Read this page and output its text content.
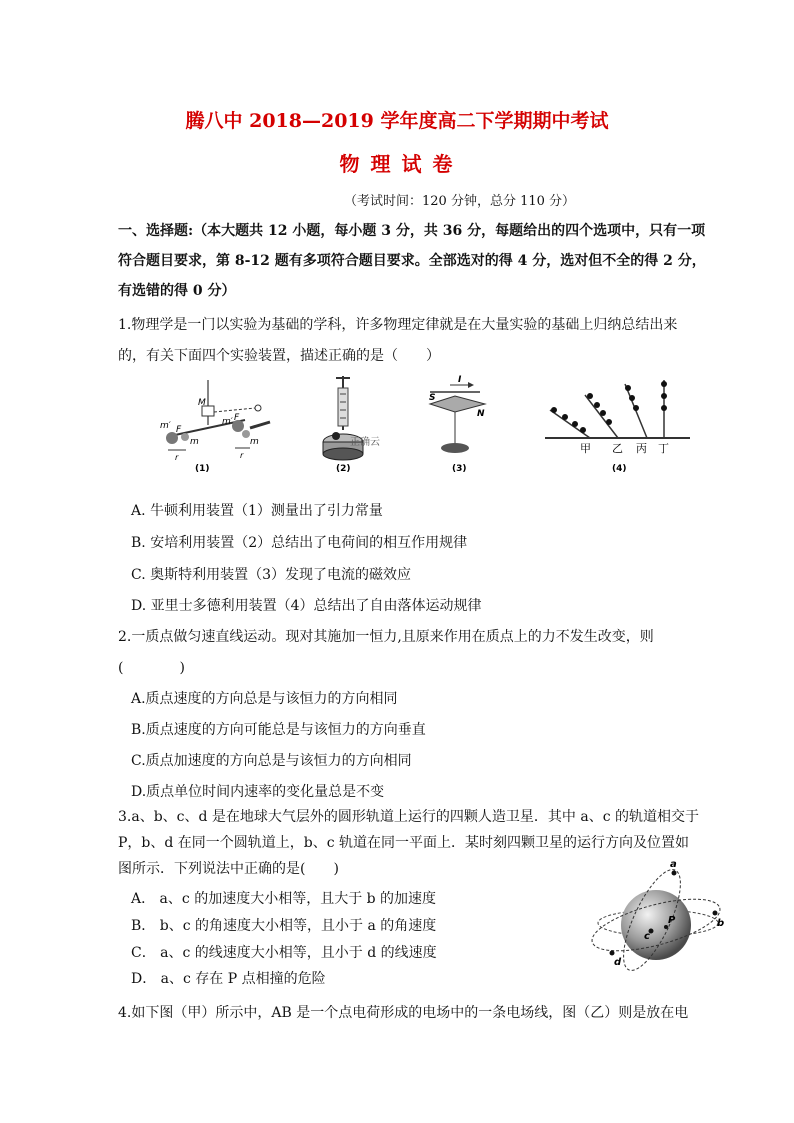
腾八中 2018—2019 学年度高二下学期期中考试
物 理 试 卷
（考试时间：120 分钟，总分 110 分）
一、选择题:（本大题共 12 小题，每小题 3 分，共 36 分，每题给出的四个选项中，只有一项
符合题目要求，第 8-12 题有多项符合题目要求。全部选对的得 4 分，选对但不全的得 2 分，
有选错的得 0 分）
1.物理学是一门以实验为基础的学科，许多物理定律就是在大量实验的基础上归纳总结出来
的，有关下面四个实验装置，描述正确的是（　　）
m′ F
m
M
m′ F
m
r	r
(1)
正确云
(2)
I
S
N
(3)
甲 乙 丙 丁
(4)
A. 牛顿利用装置（1）测量出了引力常量
B. 安培利用装置（2）总结出了电荷间的相互作用规律
C. 奥斯特利用装置（3）发现了电流的磁效应
D. 亚里士多德利用装置（4）总结出了自由落体运动规律
2.一质点做匀速直线运动。现对其施加一恒力,且原来作用在质点上的力不发生改变，则
(　　　　)
A.质点速度的方向总是与该恒力的方向相同
B.质点速度的方向可能总是与该恒力的方向垂直
C.质点加速度的方向总是与该恒力的方向相同
D.质点单位时间内速率的变化量总是不变
3.a、b、c、d 是在地球大气层外的圆形轨道上运行的四颗人造卫星．其中 a、c 的轨道相交于
P，b、d 在同一个圆轨道上，b、c 轨道在同一平面上．某时刻四颗卫星的运行方向及位置如
图所示．下列说法中正确的是(　　)
A． a、c 的加速度大小相等，且大于 b 的加速度
B． b、c 的角速度大小相等，且小于 a 的角速度
C． a、c 的线速度大小相等，且小于 d 的线速度
D． a、c 存在 P 点相撞的危险
a
b
c
d
P
4.如下图（甲）所示中，AB 是一个点电荷形成的电场中的一条电场线，图（乙）则是放在电
